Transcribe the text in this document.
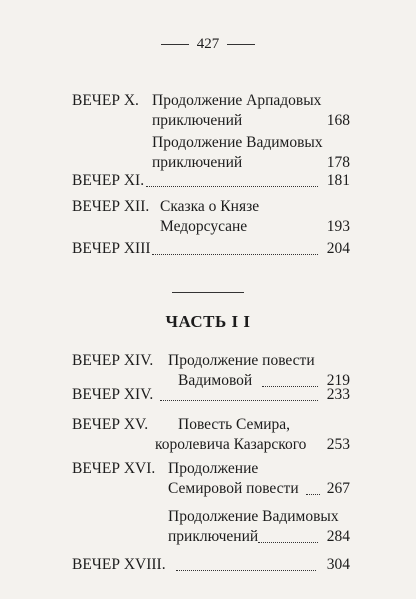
427
ВЕЧЕР X. Продолжение Арпадовых
приключений	168
Продолжение Вадимовых
приключений	178
ВЕЧЕР XI.	181
ВЕЧЕР XII. Сказка о Князе
Медорсусане	193
ВЕЧЕР XIII	204
ЧАСТЬ I I
ВЕЧЕР XIV. Продолжение повести
Вадимовой	219
ВЕЧЕР XIV.	233
ВЕЧЕР XV. Повесть Семира,
королевича Казарского	253
ВЕЧЕР XVI. Продолжение
Семировой повести	267
Продолжение Вадимовых
приключений	284
ВЕЧЕР XVIII.	304
